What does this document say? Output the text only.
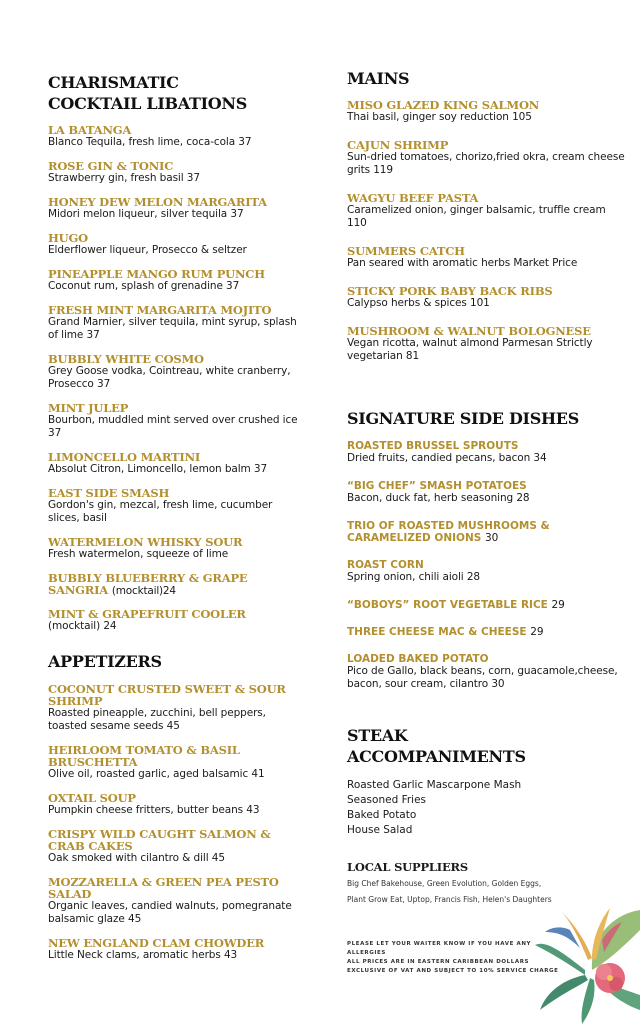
CHARISMATIC
COCKTAIL LIBATIONS
LA BATANGA
Blanco Tequila, fresh lime, coca-cola 37
ROSE GIN & TONIC
Strawberry gin, fresh basil 37
HONEY DEW MELON MARGARITA
Midori melon liqueur, silver tequila 37
HUGO
Elderflower liqueur, Prosecco & seltzer
PINEAPPLE MANGO RUM PUNCH
Coconut rum, splash of grenadine 37
FRESH MINT MARGARITA MOJITO
Grand Marnier, silver tequila, mint syrup, splash of lime 37
BUBBLY WHITE COSMO
Grey Goose vodka, Cointreau, white cranberry, Prosecco 37
MINT JULEP
Bourbon, muddled mint served over crushed ice 37
LIMONCELLO MARTINI
Absolut Citron, Limoncello, lemon balm 37
EAST SIDE SMASH
Gordon's gin, mezcal, fresh lime, cucumber slices, basil
WATERMELON WHISKY SOUR
Fresh watermelon, squeeze of lime
BUBBLY BLUEBERRY & GRAPE SANGRIA (mocktail)24
MINT & GRAPEFRUIT COOLER
(mocktail) 24
APPETIZERS
COCONUT CRUSTED SWEET & SOUR SHRIMP
Roasted pineapple, zucchini, bell peppers, toasted sesame seeds 45
HEIRLOOM TOMATO & BASIL BRUSCHETTA
Olive oil, roasted garlic, aged balsamic 41
OXTAIL SOUP
Pumpkin cheese fritters, butter beans 43
CRISPY WILD CAUGHT SALMON & CRAB CAKES
Oak smoked with cilantro & dill 45
MOZZARELLA & GREEN PEA PESTO SALAD
Organic leaves, candied walnuts, pomegranate balsamic glaze 45
NEW ENGLAND CLAM CHOWDER
Little Neck clams, aromatic herbs 43
MAINS
MISO GLAZED KING SALMON
Thai basil, ginger soy reduction 105
CAJUN SHRIMP
Sun-dried tomatoes, chorizo,fried okra, cream cheese grits 119
WAGYU BEEF PASTA
Caramelized onion, ginger balsamic, truffle cream 110
SUMMERS CATCH
Pan seared with aromatic herbs Market Price
STICKY PORK BABY BACK RIBS
Calypso herbs & spices 101
MUSHROOM & WALNUT BOLOGNESE
Vegan ricotta, walnut almond Parmesan Strictly vegetarian 81
SIGNATURE SIDE DISHES
ROASTED BRUSSEL SPROUTS
Dried fruits, candied pecans, bacon 34
“BIG CHEF” SMASH POTATOES
Bacon, duck fat, herb seasoning 28
TRIO OF ROASTED MUSHROOMS & CARAMELIZED ONIONS 30
ROAST CORN
Spring onion, chili aioli 28
“BOBOYS” ROOT VEGETABLE RICE 29
THREE CHEESE MAC & CHEESE 29
LOADED BAKED POTATO
Pico de Gallo, black beans, corn, guacamole,cheese, bacon, sour cream, cilantro 30
STEAK
ACCOMPANIMENTS
Roasted Garlic Mascarpone Mash
Seasoned Fries
Baked Potato
House Salad
LOCAL SUPPLIERS
Big Chef Bakehouse, Green Evolution, Golden Eggs,
Plant Grow Eat, Uptop, Francis Fish, Helen's Daughters
PLEASE LET YOUR WAITER KNOW IF YOU HAVE ANY ALLERGIES
ALL PRICES ARE IN EASTERN CARIBBEAN DOLLARS
EXCLUSIVE OF VAT AND SUBJECT TO 10% SERVICE CHARGE
